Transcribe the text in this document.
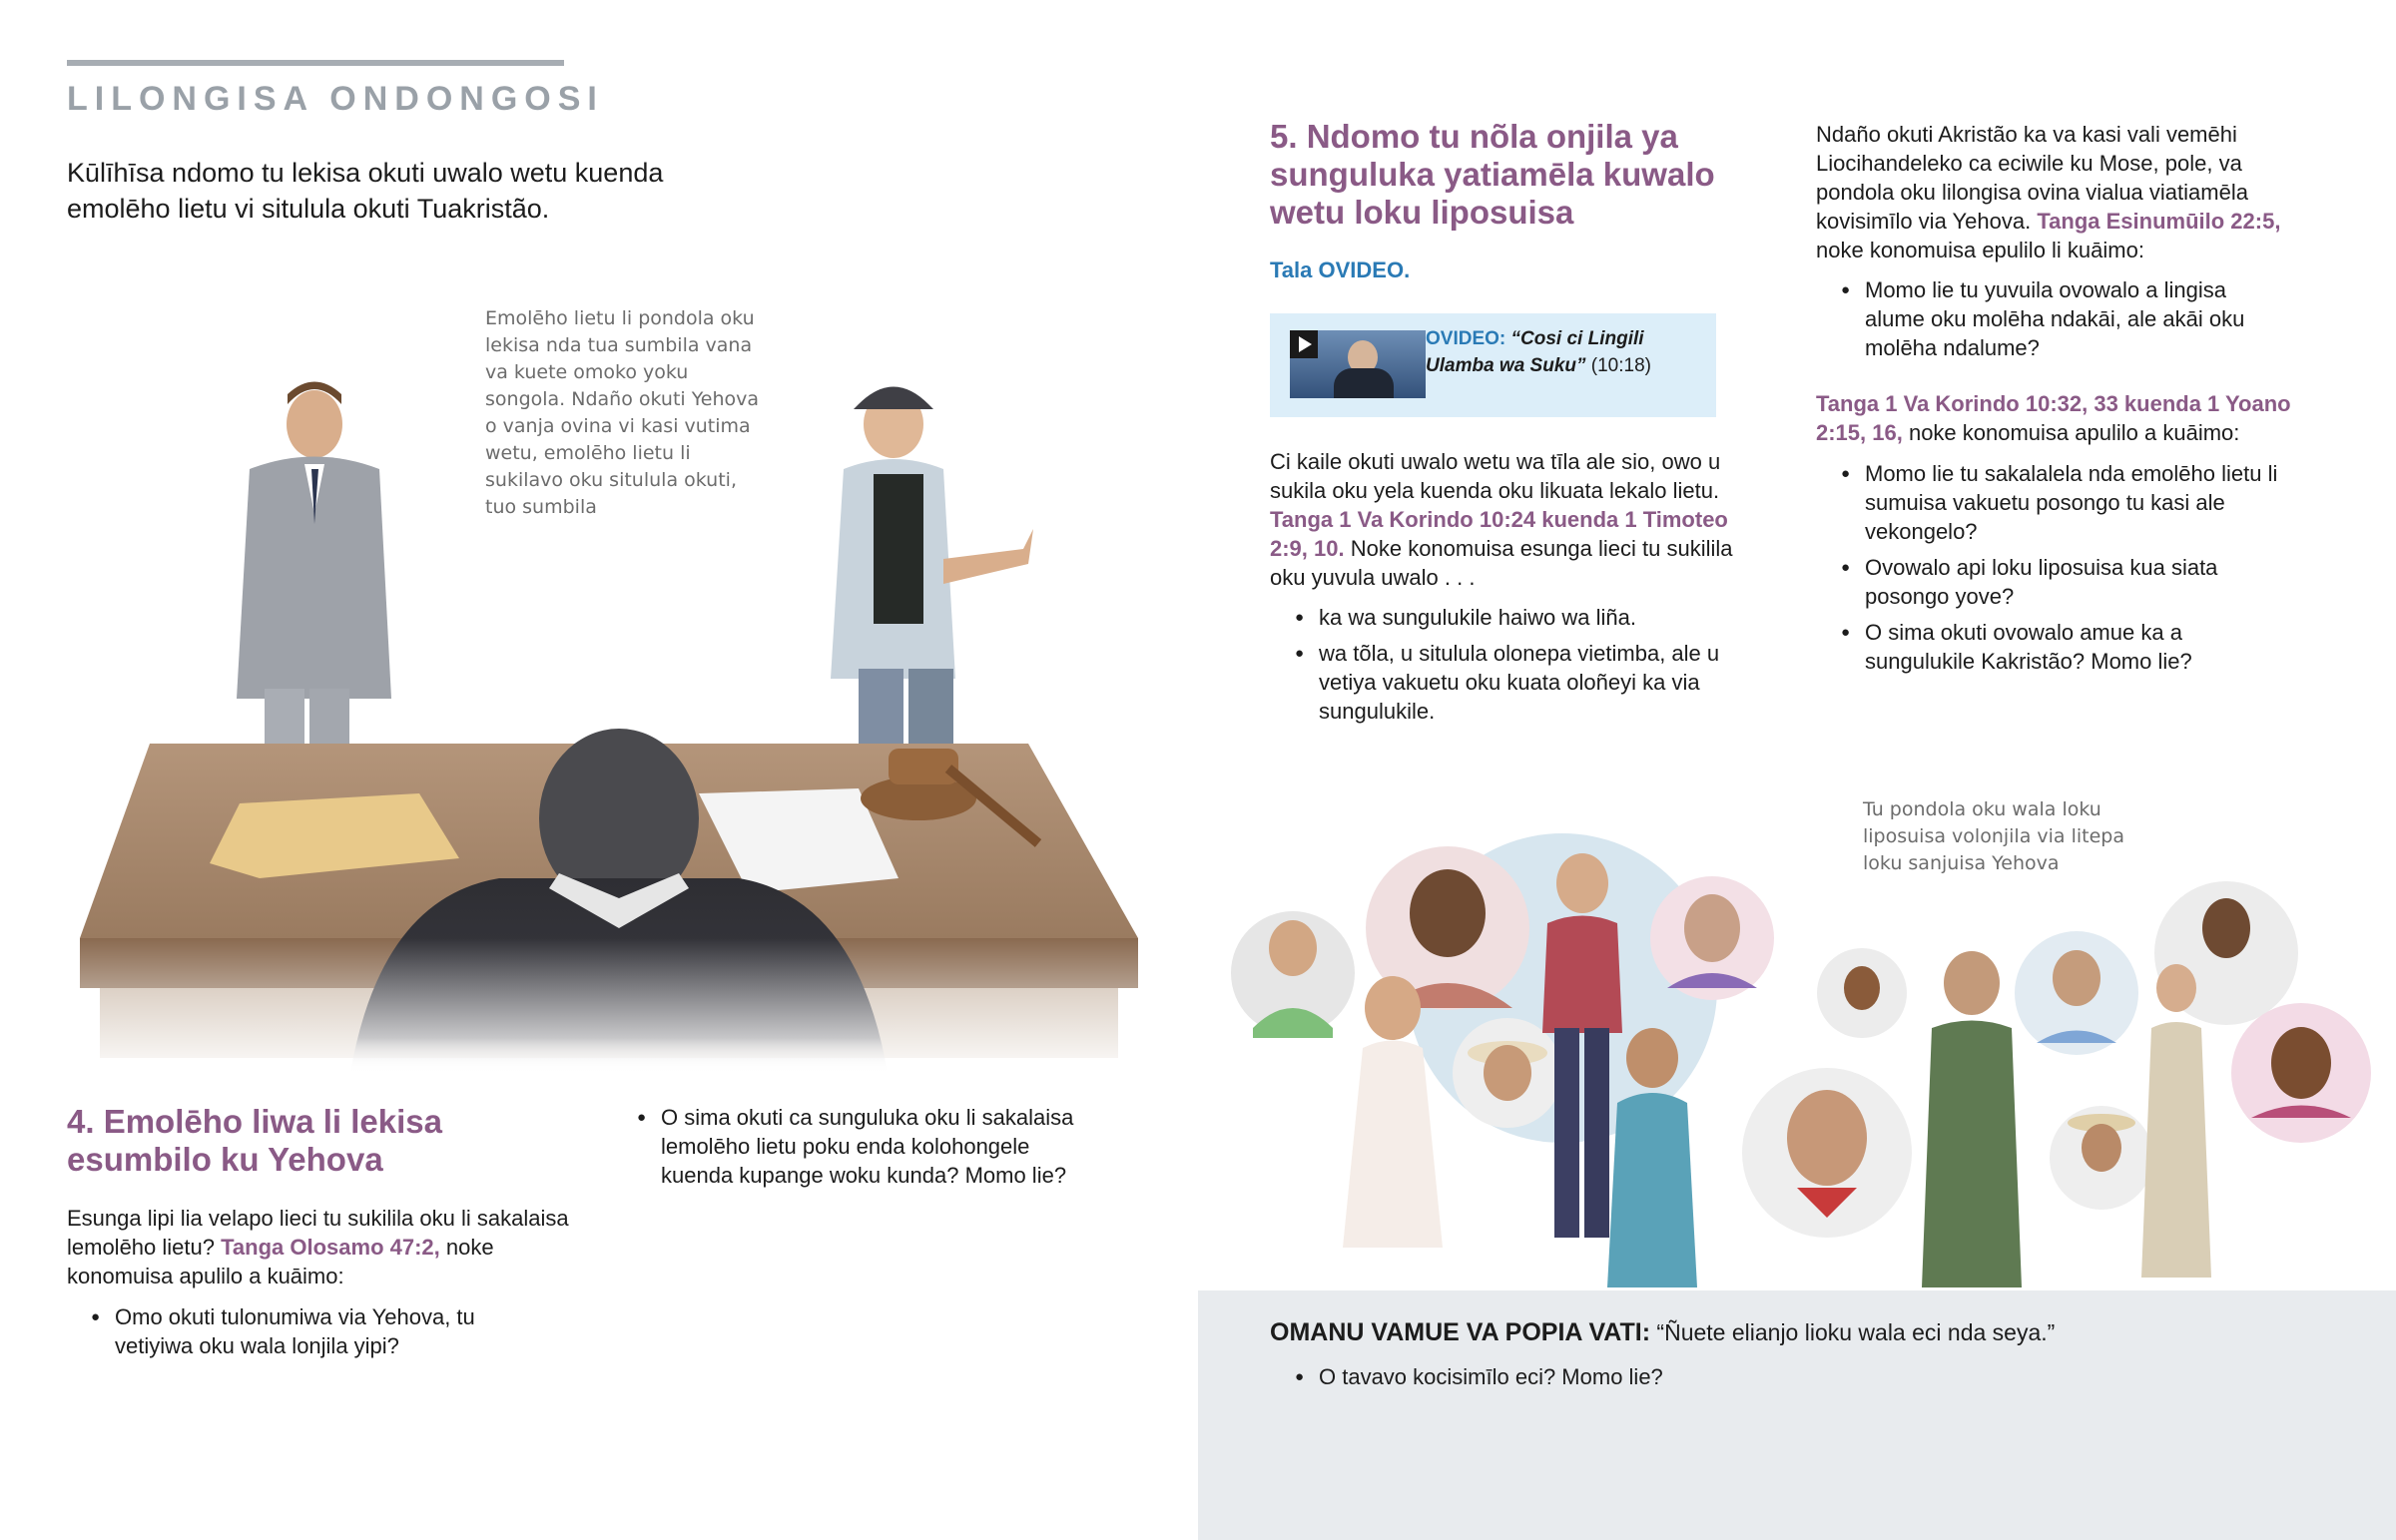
LILONGISA ONDONGOSI
Kūlīhīsa ndomo tu lekisa okuti uwalo wetu kuenda emolēho lietu vi situlula okuti Tuakristão.
Emolēho lietu li pondola oku lekisa nda tua sumbila vana va kuete omoko yoku songola. Ndaño okuti Yehova o vanja ovina vi kasi vutima wetu, emolēho lietu li sukilavo oku situlula okuti, tuo sumbila
4. Emolēho liwa li lekisa esumbilo ku Yehova
Esunga lipi lia velapo lieci tu sukilila oku li sakalaisa lemolēho lietu? Tanga Olosamo 47:2, noke konomuisa apulilo a kuāimo:
● Omo okuti tulonumiwa via Yehova, tu vetiyiwa oku wala lonjila yipi?
● O sima okuti ca sunguluka oku li sakalaisa lemolēho lietu poku enda kolohongele kuenda kupange woku kunda? Momo lie?
5. Ndomo tu nõla onjila ya sunguluka yatiamēla kuwalo wetu loku liposuisa
Tala OVIDEO.
OVIDEO: “Cosi ci Lingili Ulamba wa Suku” (10:18)
Ci kaile okuti uwalo wetu wa tīla ale sio, owo u sukila oku yela kuenda oku likuata lekalo lietu. Tanga 1 Va Korindo 10:24 kuenda 1 Timoteo 2:9, 10. Noke konomuisa esunga lieci tu sukilila oku yuvula uwalo . . .
● ka wa sungulukile haiwo wa liña.
● wa tõla, u situlula olonepa vietimba, ale u vetiya vakuetu oku kuata oloñeyi ka via sungulukile.
Ndaño okuti Akristão ka va kasi vali vemēhi Liocihandeleko ca eciwile ku Mose, pole, va pondola oku lilongisa ovina vialua viatiamēla kovisimīlo via Yehova. Tanga Esinumūilo 22:5, noke konomuisa epulilo li kuāimo:
● Momo lie tu yuvuila ovowalo a lingisa alume oku molēha ndakāi, ale akāi oku molēha ndalume?
Tanga 1 Va Korindo 10:32, 33 kuenda 1 Yoano 2:15, 16, noke konomuisa apulilo a kuāimo:
● Momo lie tu sakalalela nda emolēho lietu li sumuisa vakuetu posongo tu kasi ale vekongelo?
● Ovowalo api loku liposuisa kua siata posongo yove?
● O sima okuti ovowalo amue ka a sungulukile Kakristão? Momo lie?
Tu pondola oku wala loku liposuisa volonjila via litepa loku sanjuisa Yehova
OMANU VAMUE VA POPIA VATI: “Ñuete elianjo lioku wala eci nda seya.”
● O tavavo kocisimīlo eci? Momo lie?
